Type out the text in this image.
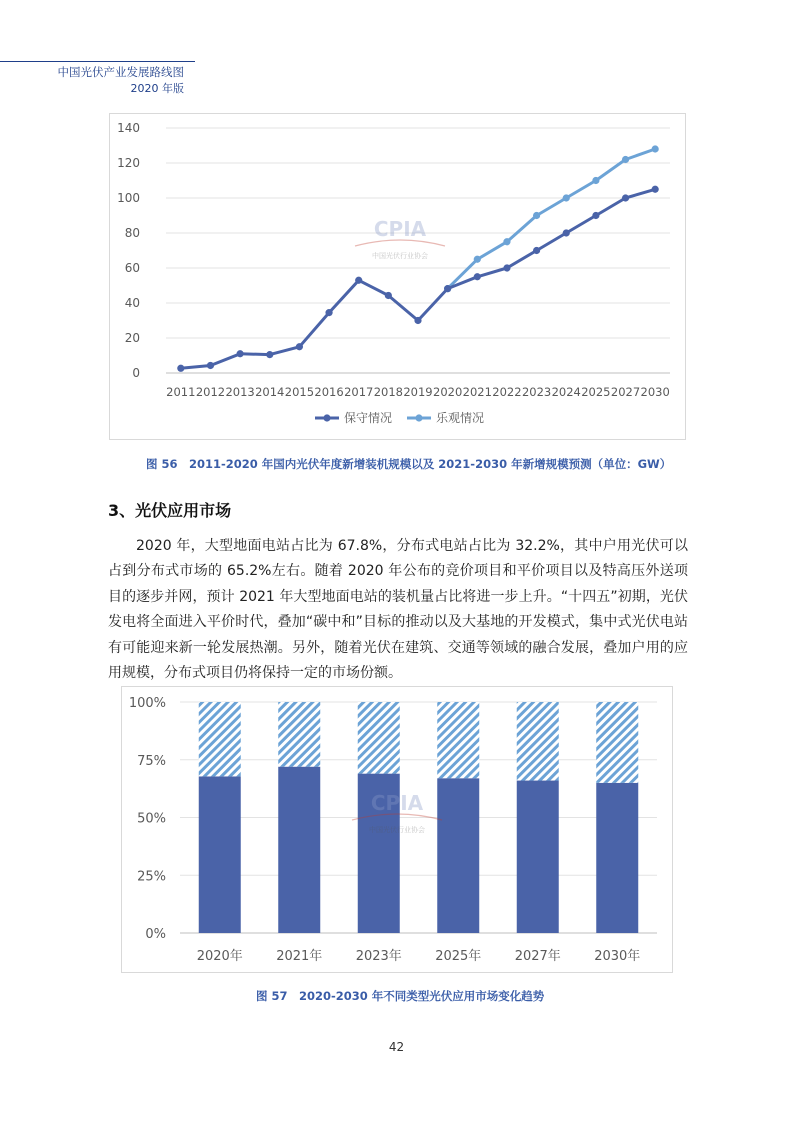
中国光伏产业发展路线图
2020 年版
0
20
40
60
80
100
120
140
2011 2012 2013 2014 2015 2016 2017 2018 2019 2020 2021 2022 2023 2024 2025 2027 2030
CPIA
中国光伏行业协会
保守情况	乐观情况
图 56　2011-2020 年国内光伏年度新增装机规模以及 2021-2030 年新增规模预测（单位：GW）
3、光伏应用市场

2020 年，大型地面电站占比为 67.8%，分布式电站占比为 32.2%，其中户用光伏可以占到分布式市场的 65.2%左右。随着 2020 年公布的竞价项目和平价项目以及特高压外送项目的逐步并网，预计 2021 年大型地面电站的装机量占比将进一步上升。“十四五”初期，光伏发电将全面进入平价时代，叠加“碳中和”目标的推动以及大基地的开发模式，集中式光伏电站有可能迎来新一轮发展热潮。另外，随着光伏在建筑、交通等领域的融合发展，叠加户用的应用规模，分布式项目仍将保持一定的市场份额。

0%
25%
50%
75%
100%
2020年	2021年	2023年	2025年	2027年	2030年
CPIA
中国光伏行业协会
图 57　2020-2030 年不同类型光伏应用市场变化趋势
42
